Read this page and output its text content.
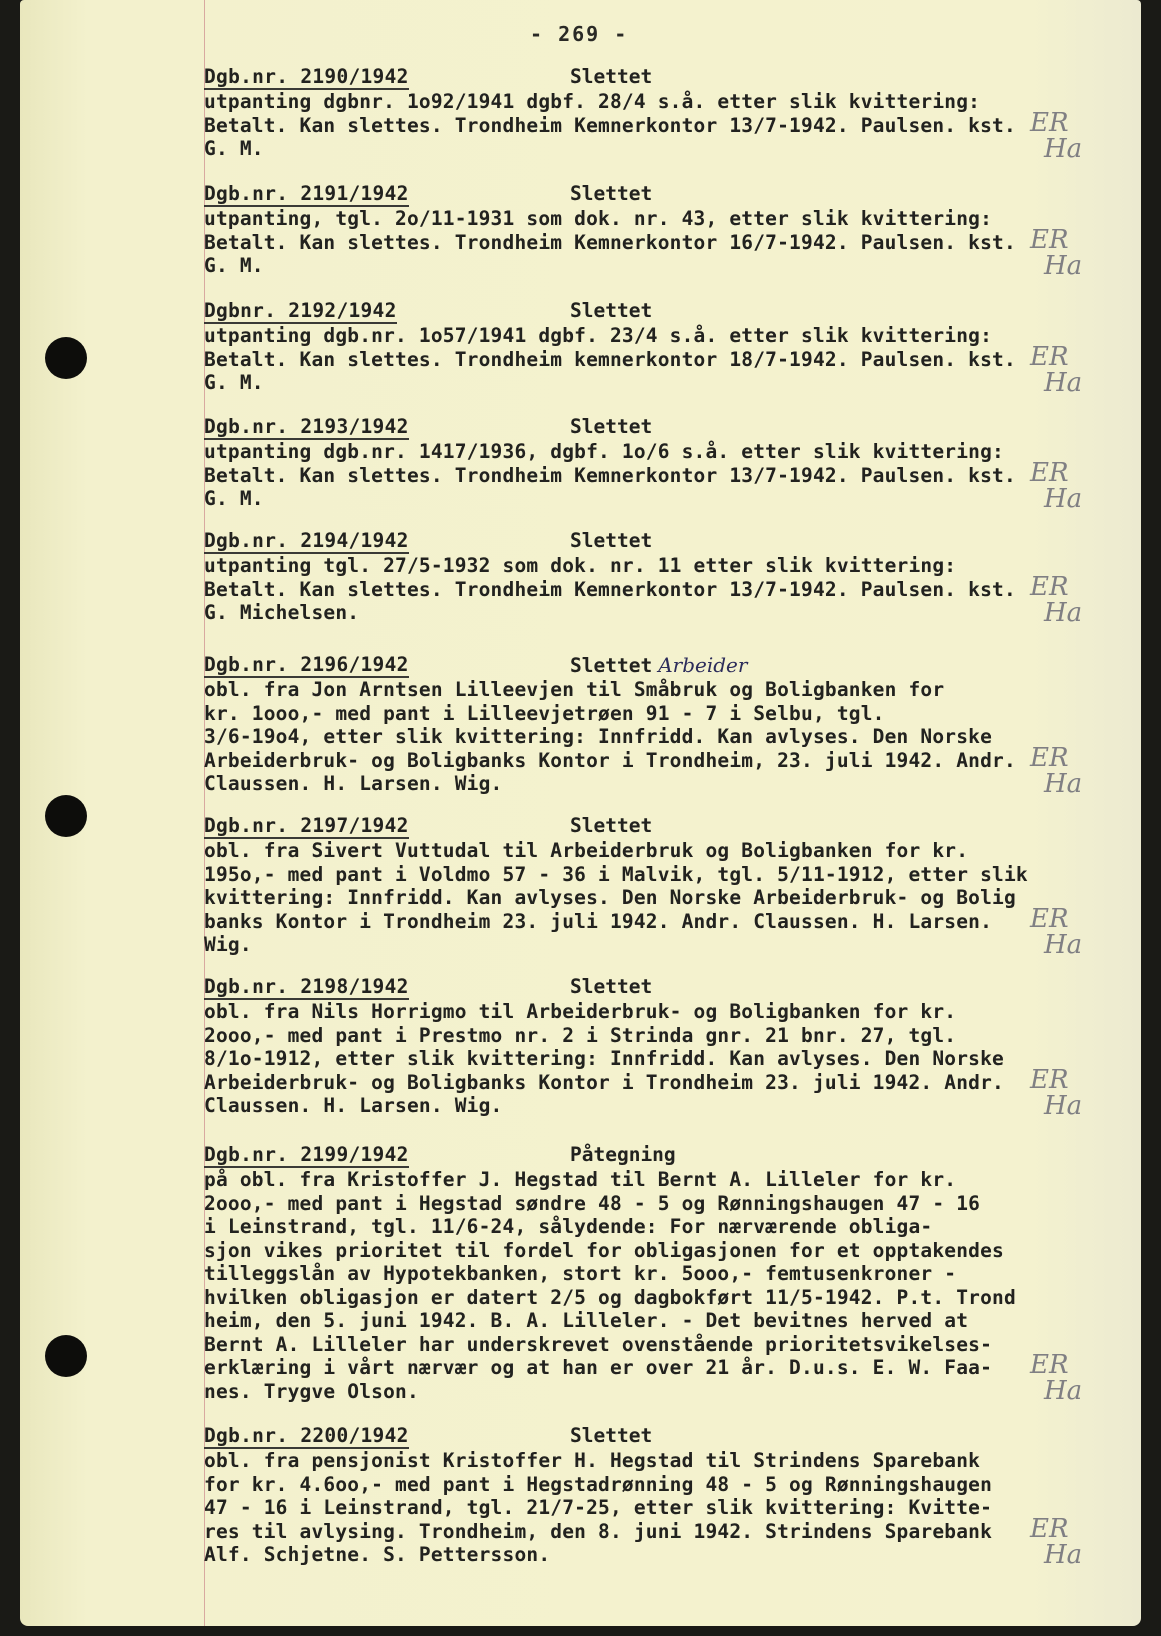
- 269 -
Dgb.nr. 2190/1942	Slettet
utpanting dgbnr. 1o92/1941 dgbf. 28/4 s.å. etter slik kvittering:
Betalt. Kan slettes. Trondheim Kemnerkontor 13/7-1942. Paulsen. kst.
G. M.
ER
Ha
Dgb.nr. 2191/1942	Slettet
utpanting, tgl. 2o/11-1931 som dok. nr. 43, etter slik kvittering:
Betalt. Kan slettes. Trondheim Kemnerkontor 16/7-1942. Paulsen. kst.
G. M.
ER
Ha
Dgbnr. 2192/1942	Slettet
utpanting dgb.nr. 1o57/1941 dgbf. 23/4 s.å. etter slik kvittering:
Betalt. Kan slettes. Trondheim kemnerkontor 18/7-1942. Paulsen. kst.
G. M.
ER
Ha
Dgb.nr. 2193/1942	Slettet
utpanting dgb.nr. 1417/1936, dgbf. 1o/6 s.å. etter slik kvittering:
Betalt. Kan slettes. Trondheim Kemnerkontor 13/7-1942. Paulsen. kst.
G. M.
ER
Ha
Dgb.nr. 2194/1942	Slettet
utpanting tgl. 27/5-1932 som dok. nr. 11 etter slik kvittering:
Betalt. Kan slettes. Trondheim Kemnerkontor 13/7-1942. Paulsen. kst.
G. Michelsen.
ER
Ha
Dgb.nr. 2196/1942	Slettet Arbeider
obl. fra Jon Arntsen Lilleevjen til Småbruk og Boligbanken for
kr. 1ooo,- med pant i Lilleevjetrøen 91 - 7 i Selbu, tgl.
3/6-19o4, etter slik kvittering: Innfridd. Kan avlyses. Den Norske
Arbeiderbruk- og Boligbanks Kontor i Trondheim, 23. juli 1942. Andr.
Claussen. H. Larsen. Wig.
ER
Ha
Dgb.nr. 2197/1942	Slettet
obl. fra Sivert Vuttudal til Arbeiderbruk og Boligbanken for kr.
195o,- med pant i Voldmo 57 - 36 i Malvik, tgl. 5/11-1912, etter slik
kvittering: Innfridd. Kan avlyses. Den Norske Arbeiderbruk- og Bolig
banks Kontor i Trondheim 23. juli 1942. Andr. Claussen. H. Larsen.
Wig.
ER
Ha
Dgb.nr. 2198/1942	Slettet
obl. fra Nils Horrigmo til Arbeiderbruk- og Boligbanken for kr.
2ooo,- med pant i Prestmo nr. 2 i Strinda gnr. 21 bnr. 27, tgl.
8/1o-1912, etter slik kvittering: Innfridd. Kan avlyses. Den Norske
Arbeiderbruk- og Boligbanks Kontor i Trondheim 23. juli 1942. Andr.
Claussen. H. Larsen. Wig.
ER
Ha
Dgb.nr. 2199/1942	Påtegning
på obl. fra Kristoffer J. Hegstad til Bernt A. Lilleler for kr.
2ooo,- med pant i Hegstad søndre 48 - 5 og Rønningshaugen 47 - 16
i Leinstrand, tgl. 11/6-24, sålydende: For nærværende obliga-
sjon vikes prioritet til fordel for obligasjonen for et opptakendes
tilleggslån av Hypotekbanken, stort kr. 5ooo,- femtusenkroner -
hvilken obligasjon er datert 2/5 og dagbokført 11/5-1942. P.t. Trond
heim, den 5. juni 1942. B. A. Lilleler. - Det bevitnes herved at
Bernt A. Lilleler har underskrevet ovenstående prioritetsvikelses-
erklæring i vårt nærvær og at han er over 21 år. D.u.s. E. W. Faa-
nes. Trygve Olson.
ER
Ha
Dgb.nr. 2200/1942	Slettet
obl. fra pensjonist Kristoffer H. Hegstad til Strindens Sparebank
for kr. 4.6oo,- med pant i Hegstadrønning 48 - 5 og Rønningshaugen
47 - 16 i Leinstrand, tgl. 21/7-25, etter slik kvittering: Kvitte-
res til avlysing. Trondheim, den 8. juni 1942. Strindens Sparebank
Alf. Schjetne. S. Pettersson.
ER
Ha
